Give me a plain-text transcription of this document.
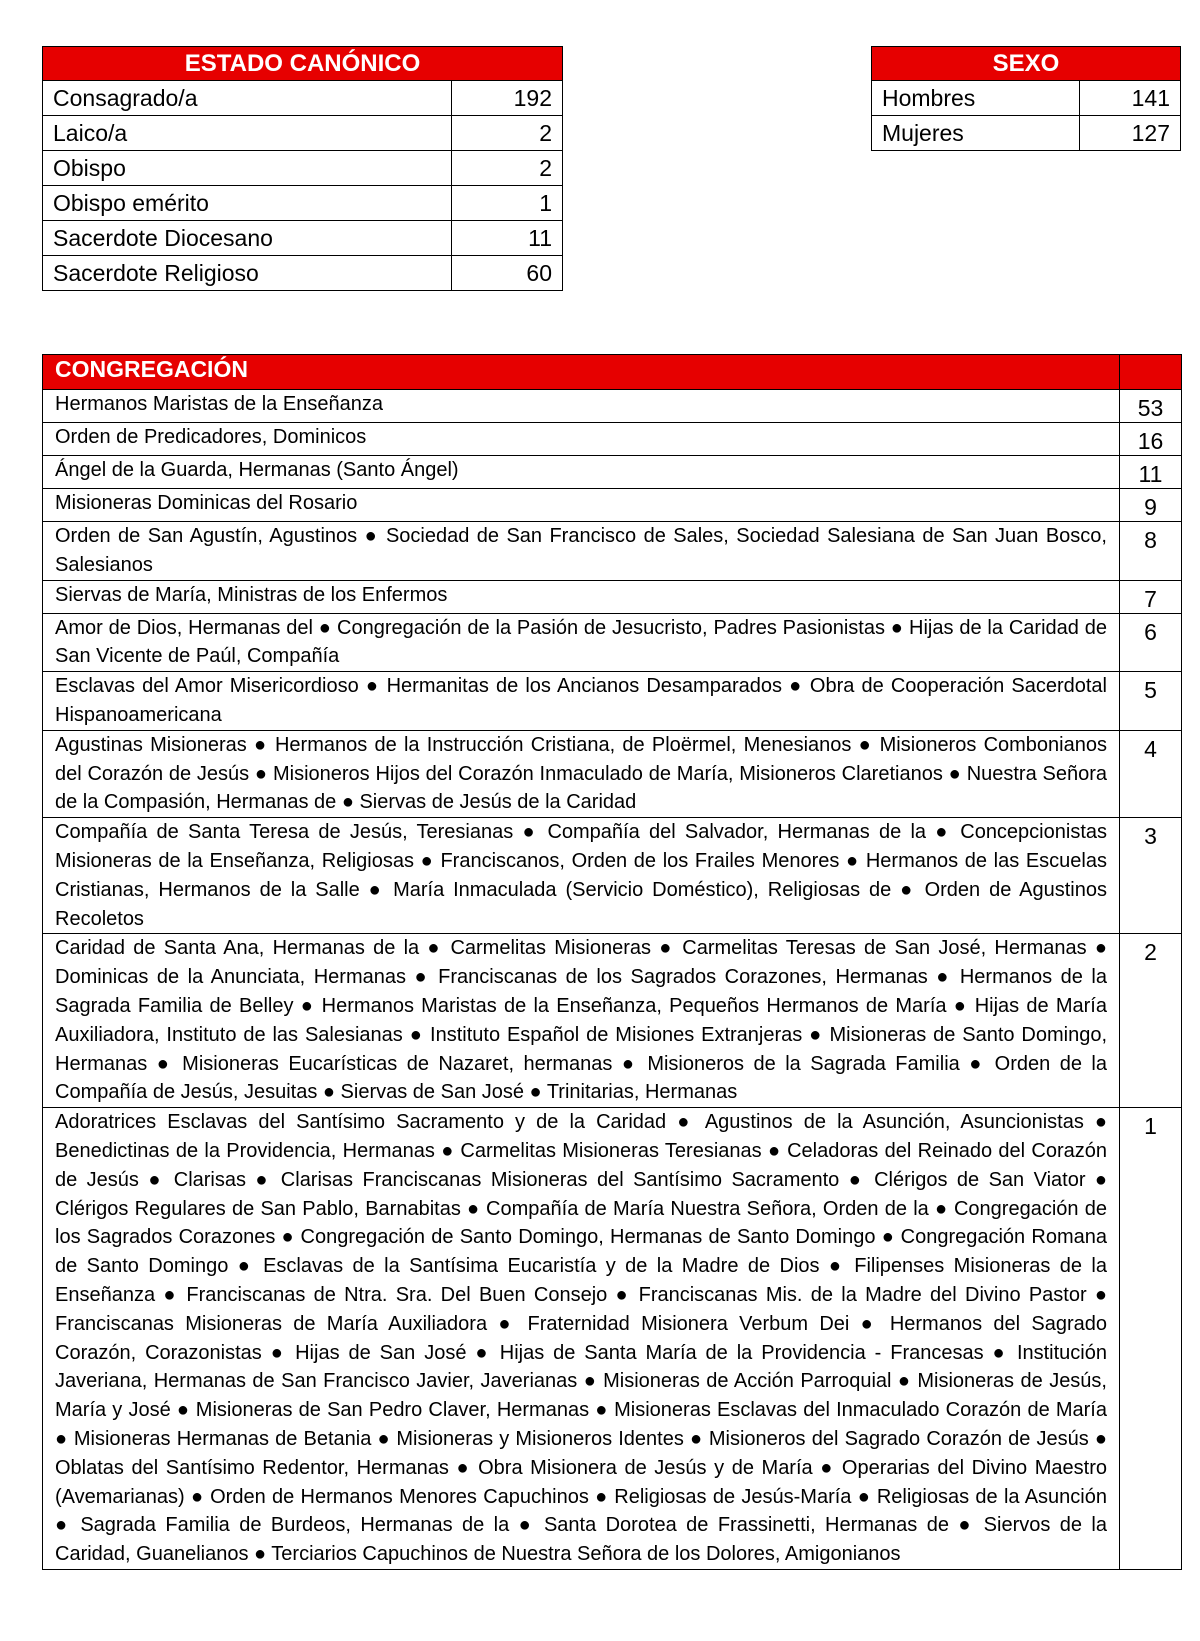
ESTADO CANÓNICO	
Consagrado/a	192
Laico/a	2
Obispo	2
Obispo emérito	1
Sacerdote Diocesano	11
Sacerdote Religioso	60
SEXO	
Hombres	141
Mujeres	127
CONGREGACIÓN	
Hermanos Maristas de la Enseñanza	53
Orden de Predicadores, Dominicos	16
Ángel de la Guarda, Hermanas (Santo Ángel)	11
Misioneras Dominicas del Rosario	9
Orden de San Agustín, Agustinos ● Sociedad de San Francisco de Sales, Sociedad Salesiana de San Juan Bosco, Salesianos	8
Siervas de María, Ministras de los Enfermos	7
Amor de Dios, Hermanas del ● Congregación de la Pasión de Jesucristo, Padres Pasionistas ● Hijas de la Caridad de San Vicente de Paúl, Compañía	6
Esclavas del Amor Misericordioso ● Hermanitas de los Ancianos Desamparados ● Obra de Cooperación Sacerdotal Hispanoamericana	5
Agustinas Misioneras ● Hermanos de la Instrucción Cristiana, de Ploërmel, Menesianos ● Misioneros Combonianos del Corazón de Jesús ● Misioneros Hijos del Corazón Inmaculado de María, Misioneros Claretianos ● Nuestra Señora de la Compasión, Hermanas de ● Siervas de Jesús de la Caridad	4
Compañía de Santa Teresa de Jesús, Teresianas ● Compañía del Salvador, Hermanas de la ● Concepcionistas Misioneras de la Enseñanza, Religiosas ● Franciscanos, Orden de los Frailes Menores ● Hermanos de las Escuelas Cristianas, Hermanos de la Salle ● María Inmaculada (Servicio Doméstico), Religiosas de ● Orden de Agustinos Recoletos	3
Caridad de Santa Ana, Hermanas de la ● Carmelitas Misioneras ● Carmelitas Teresas de San José, Hermanas ● Dominicas de la Anunciata, Hermanas ● Franciscanas de los Sagrados Corazones, Hermanas ● Hermanos de la Sagrada Familia de Belley ● Hermanos Maristas de la Enseñanza, Pequeños Hermanos de María ● Hijas de María Auxiliadora, Instituto de las Salesianas ● Instituto Español de Misiones Extranjeras ● Misioneras de Santo Domingo, Hermanas ● Misioneras Eucarísticas de Nazaret, hermanas ● Misioneros de la Sagrada Familia ● Orden de la Compañía de Jesús, Jesuitas ● Siervas de San José ● Trinitarias, Hermanas	2
Adoratrices Esclavas del Santísimo Sacramento y de la Caridad ● Agustinos de la Asunción, Asuncionistas ● Benedictinas de la Providencia, Hermanas ● Carmelitas Misioneras Teresianas ● Celadoras del Reinado del Corazón de Jesús ● Clarisas ● Clarisas Franciscanas Misioneras del Santísimo Sacramento ● Clérigos de San Viator ● Clérigos Regulares de San Pablo, Barnabitas ● Compañía de María Nuestra Señora, Orden de la ● Congregación de los Sagrados Corazones ● Congregación de Santo Domingo, Hermanas de Santo Domingo ● Congregación Romana de Santo Domingo ● Esclavas de la Santísima Eucaristía y de la Madre de Dios ● Filipenses Misioneras de la Enseñanza ● Franciscanas de Ntra. Sra. Del Buen Consejo ● Franciscanas Mis. de la Madre del Divino Pastor ● Franciscanas Misioneras de María Auxiliadora ● Fraternidad Misionera Verbum Dei ● Hermanos del Sagrado Corazón, Corazonistas ● Hijas de San José ● Hijas de Santa María de la Providencia - Francesas ● Institución Javeriana, Hermanas de San Francisco Javier, Javerianas ● Misioneras de Acción Parroquial ● Misioneras de Jesús, María y José ● Misioneras de San Pedro Claver, Hermanas ● Misioneras Esclavas del Inmaculado Corazón de María ● Misioneras Hermanas de Betania ● Misioneras y Misioneros Identes ● Misioneros del Sagrado Corazón de Jesús ● Oblatas del Santísimo Redentor, Hermanas ● Obra Misionera de Jesús y de María ● Operarias del Divino Maestro (Avemarianas) ● Orden de Hermanos Menores Capuchinos ● Religiosas de Jesús-María ● Religiosas de la Asunción ● Sagrada Familia de Burdeos, Hermanas de la ● Santa Dorotea de Frassinetti, Hermanas de ● Siervos de la Caridad, Guanelianos ● Terciarios Capuchinos de Nuestra Señora de los Dolores, Amigonianos	1
